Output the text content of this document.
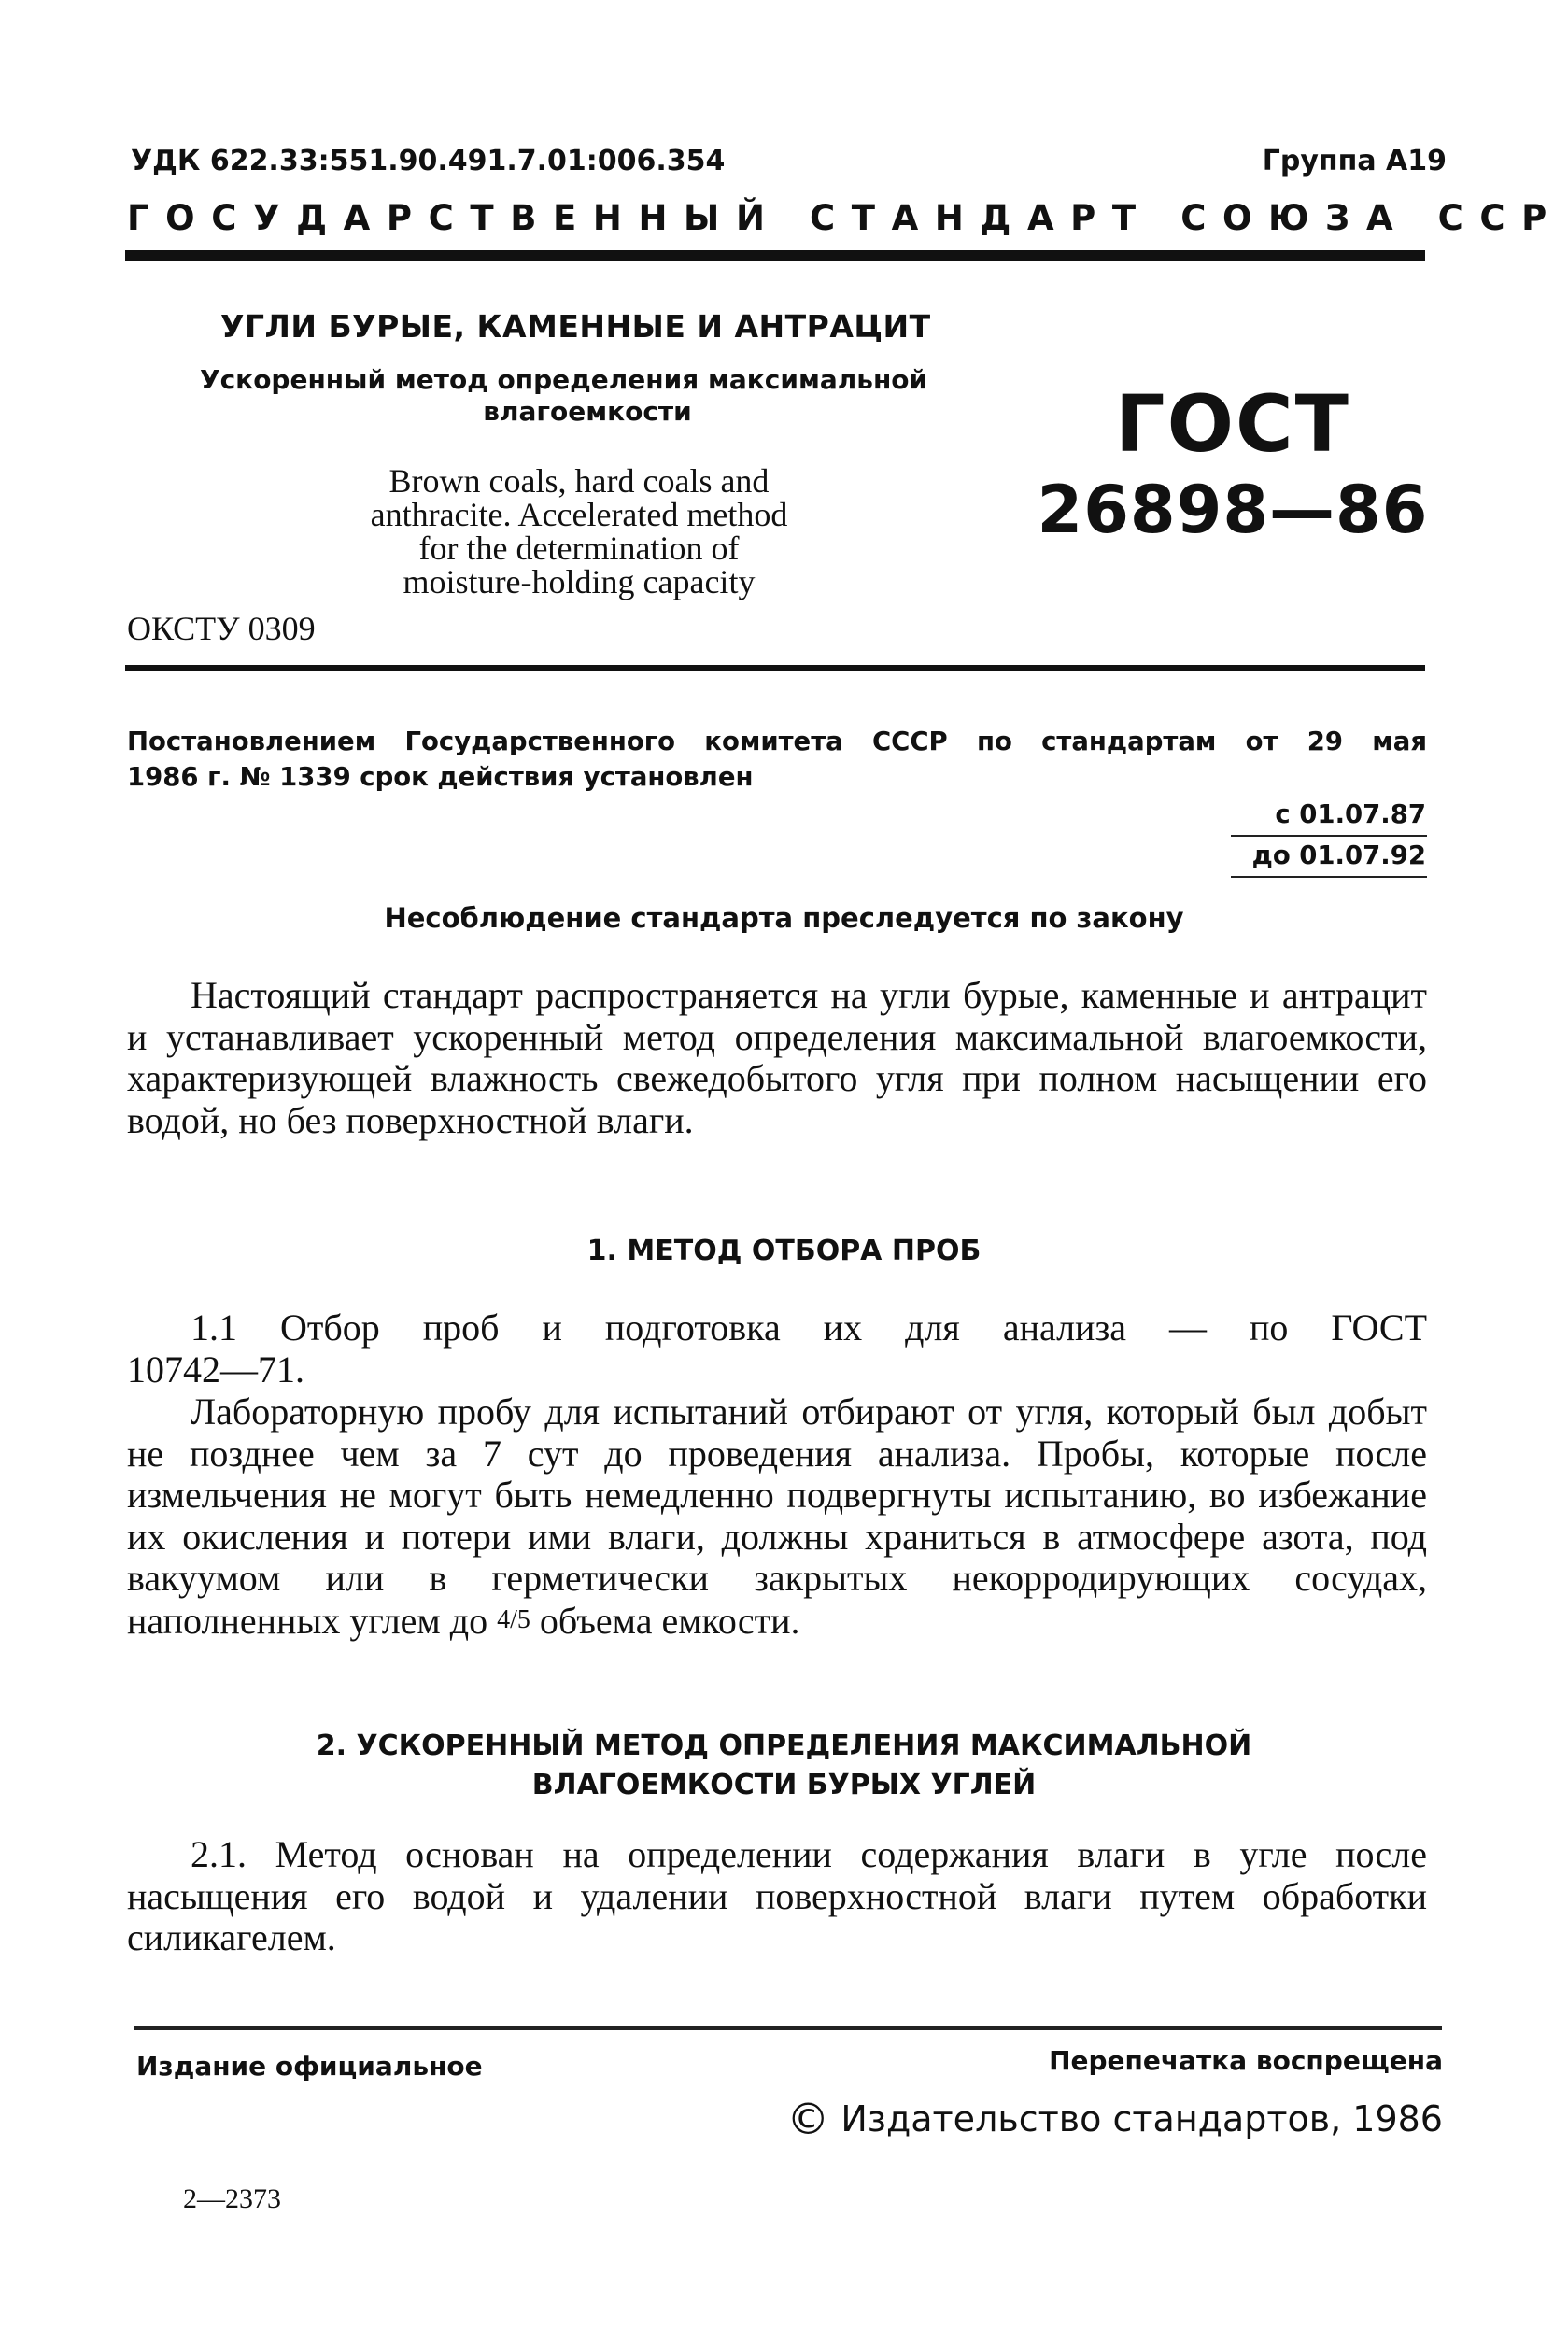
УДК 622.33:551.90.491.7.01:006.354	Группа А19
ГОСУДАРСТВЕННЫЙ СТАНДАРТ СОЮЗА ССР
УГЛИ БУРЫЕ, КАМЕННЫЕ И АНТРАЦИТ
Ускоренный метод определения максимальной
влагоемкости
Brown coals, hard coals and
anthracite. Accelerated method
for the determination of
moisture-holding capacity
ОКСТУ 0309
ГОСТ
26898—86
Постановлением Государственного комитета СССР по стандартам от 29 мая
1986 г. № 1339 срок действия установлен
с 01.07.87
до 01.07.92
Несоблюдение стандарта преследуется по закону

Настоящий стандарт распространяется на угли бурые, каменные и антрацит и устанавливает ускоренный метод определения максимальной влагоемкости, характеризующей влажность свежедобытого угля при полном насыщении его водой, но без поверхностной влаги.

1. МЕТОД ОТБОРА ПРОБ

1.1 Отбор проб и подготовка их для анализа — по ГОСТ 10742—71.

Лабораторную пробу для испытаний отбирают от угля, который был добыт не позднее чем за 7 сут до проведения анализа. Пробы, которые после измельчения не могут быть немедленно подвергнуты испытанию, во избежание их окисления и потери ими влаги, должны храниться в атмосфере азота, под вакуумом или в герметически закрытых некорродирующих сосудах, наполненных углем до 4/5 объема емкости.

2. УСКОРЕННЫЙ МЕТОД ОПРЕДЕЛЕНИЯ МАКСИМАЛЬНОЙ
ВЛАГОЕМКОСТИ БУРЫХ УГЛЕЙ

2.1. Метод основан на определении содержания влаги в угле после насыщения его водой и удалении поверхностной влаги путем обработки силикагелем.

Издание официальное	Перепечатка воспрещена
© Издательство стандартов, 1986
2—2373
